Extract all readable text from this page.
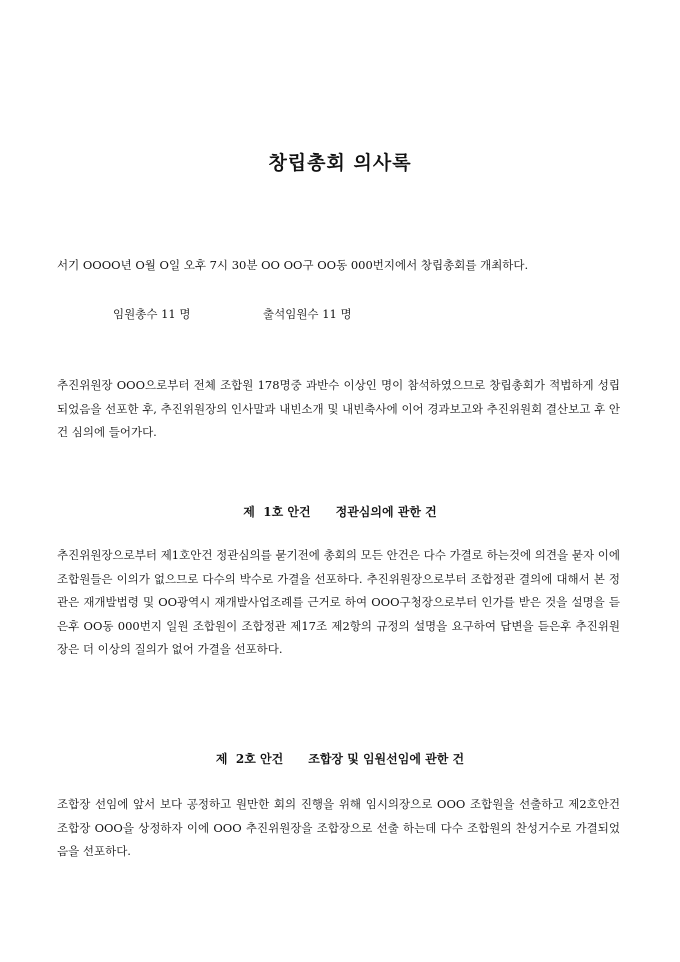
창립총회 의사록
서기 OOOO년 O월 O일 오후 7시 30분 OO OO구 OO동 000번지에서 창립총회를 개최하다.
임원총수 11 명	출석임원수 11 명
추진위원장 OOO으로부터 전체 조합원 178명중 과반수 이상인 명이 참석하였으므로 창립총회가 적법하게 성립되었음을 선포한 후, 추진위원장의 인사말과 내빈소개 및 내빈축사에 이어 경과보고와 추진위원회 결산보고 후 안건 심의에 들어가다.
제  1호 안건      정관심의에 관한 건
추진위원장으로부터 제1호안건 정관심의를 묻기전에 총회의 모든 안건은 다수 가결로 하는것에 의견을 묻자 이에 조합원들은 이의가 없으므로 다수의 박수로 가결을 선포하다. 추진위원장으로부터 조합정관 결의에 대해서 본 정관은 재개발법령 및 OO광역시 재개발사업조례를 근거로 하여 OOO구청장으로부터 인가를 받은 것을 설명을 듣은후 OO동 000번지 일원 조합원이 조합정관 제17조 제2항의 규정의 설명을 요구하여 답변을 듣은후 추진위원장은 더 이상의 질의가 없어 가결을 선포하다.
제  2호 안건      조합장 및 임원선임에 관한 건
조합장 선임에 앞서 보다 공정하고 원만한 회의 진행을 위해 임시의장으로 OOO 조합원을 선출하고 제2호안건 조합장 OOO을 상정하자 이에 OOO 추진위원장을 조합장으로 선출 하는데 다수 조합원의 찬성거수로 가결되었음을 선포하다.
